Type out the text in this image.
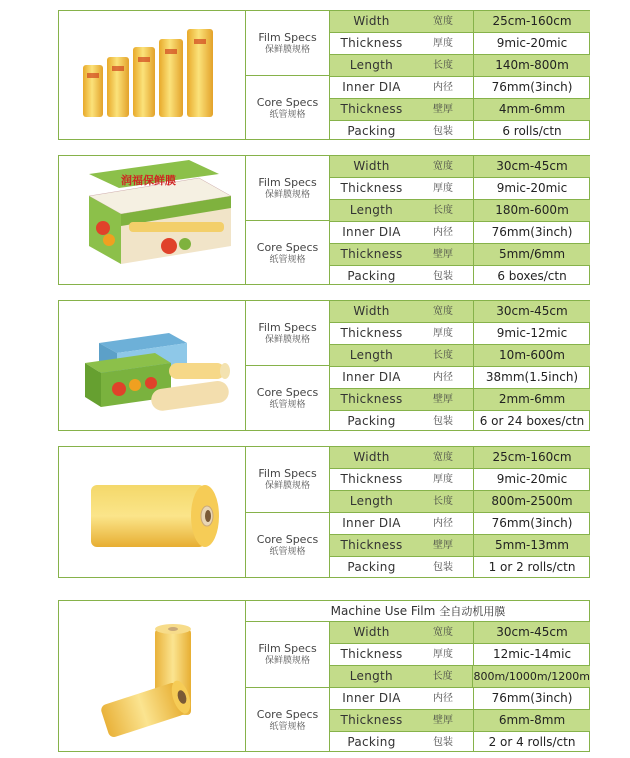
Film Specs
保鲜膜规格
Core Specs
纸管规格
Width	宽度	25cm-160cm
Thickness	厚度	9mic-20mic
Length	长度	140m-800m
Inner DIA	内径	76mm(3inch)
Thickness	壁厚	4mm-6mm
Packing	包装	6 rolls/ctn
润福保鲜膜	Film Specs
保鲜膜规格
Core Specs
纸管规格
Width	宽度	30cm-45cm
Thickness	厚度	9mic-20mic
Length	长度	180m-600m
Inner DIA	内径	76mm(3inch)
Thickness	壁厚	5mm/6mm
Packing	包装	6 boxes/ctn
Film Specs
保鲜膜规格
Core Specs
纸管规格
Width	宽度	30cm-45cm
Thickness	厚度	9mic-12mic
Length	长度	10m-600m
Inner DIA	内径	38mm(1.5inch)
Thickness	壁厚	2mm-6mm
Packing	包装	6 or 24 boxes/ctn
Film Specs
保鲜膜规格
Core Specs
纸管规格
Width	宽度	25cm-160cm
Thickness	厚度	9mic-20mic
Length	长度	800m-2500m
Inner DIA	内径	76mm(3inch)
Thickness	壁厚	5mm-13mm
Packing	包装	1 or 2 rolls/ctn
Machine Use Film 全自动机用膜
Film Specs
保鲜膜规格
Core Specs
纸管规格
Width	宽度	30cm-45cm
Thickness	厚度	12mic-14mic
Length	长度	800m/1000m/1200m
Inner DIA	内径	76mm(3inch)
Thickness	壁厚	6mm-8mm
Packing	包装	2 or 4 rolls/ctn
